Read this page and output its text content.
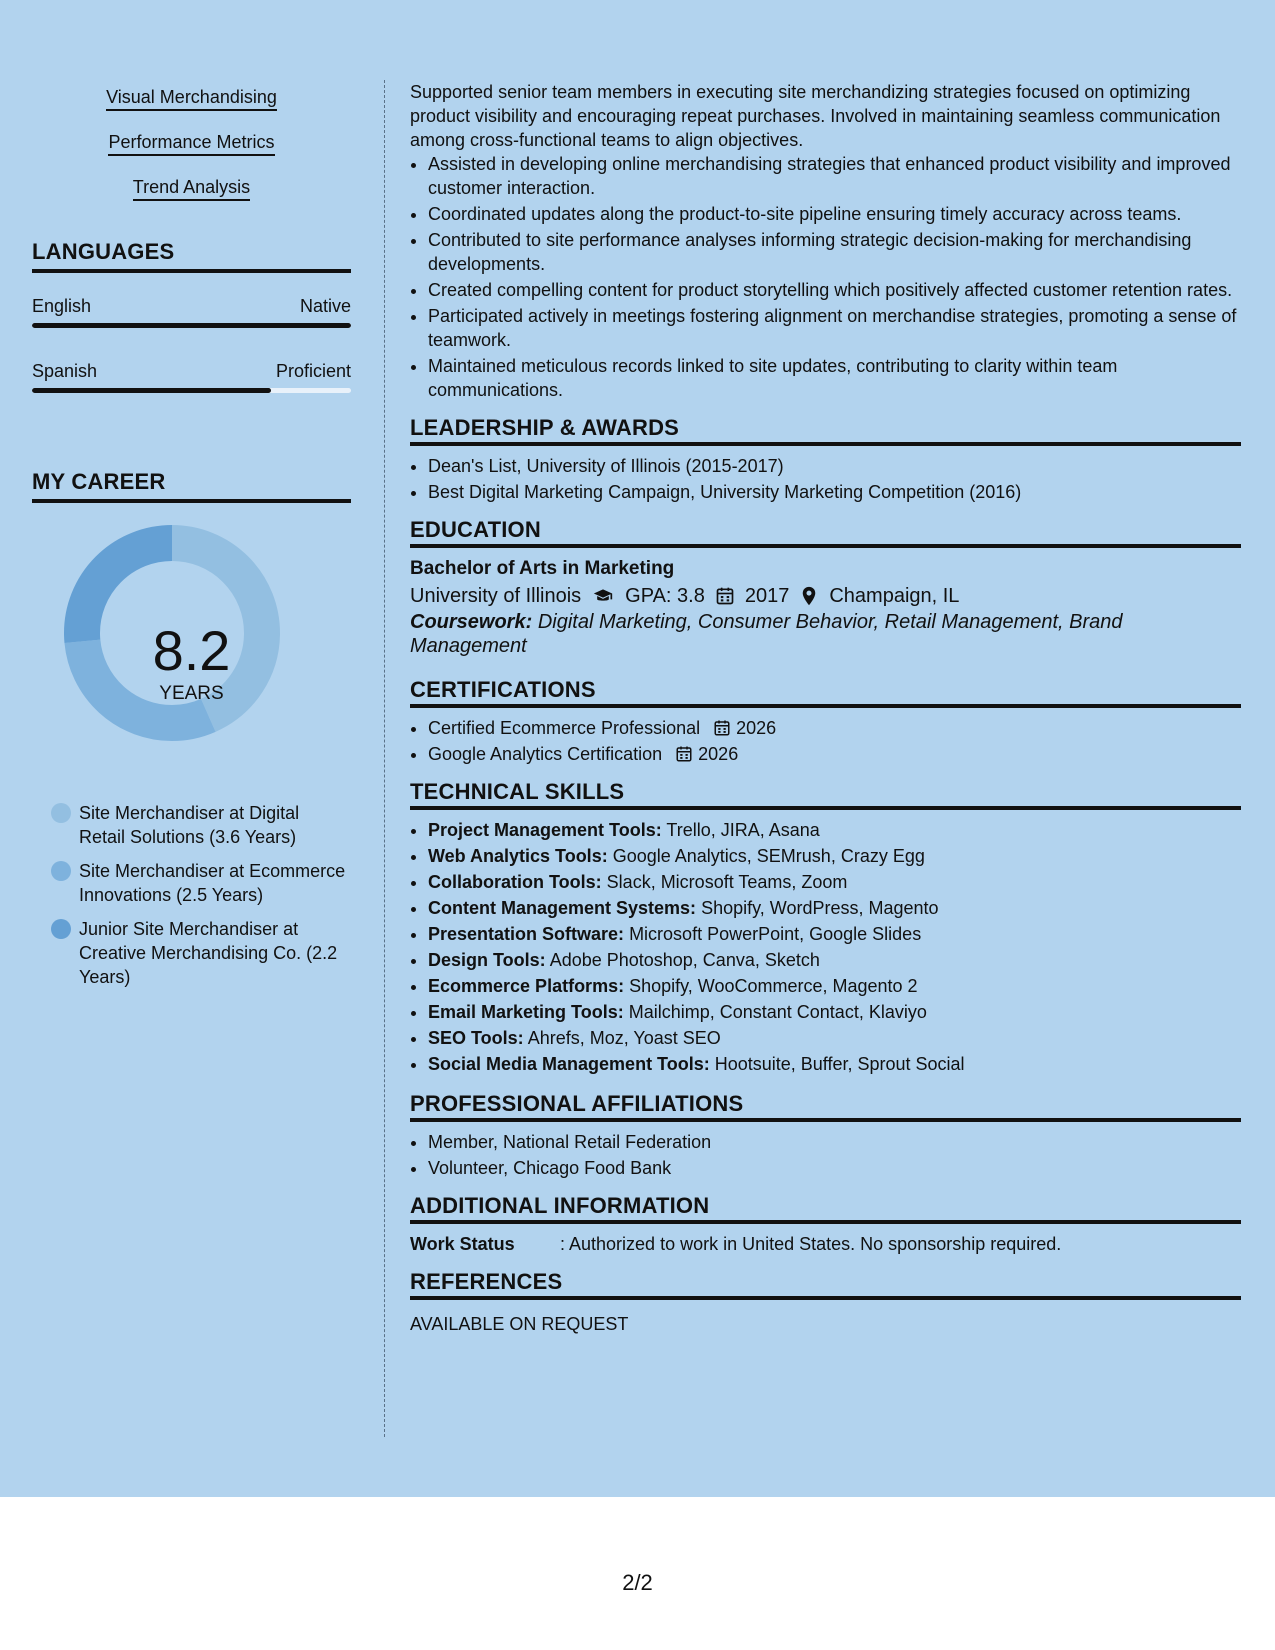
Visual Merchandising
Performance Metrics
Trend Analysis
LANGUAGES
English	Native
Spanish	Proficient
MY CAREER
8.2
YEARS
Site Merchandiser at Digital Retail Solutions (3.6 Years)
Site Merchandiser at Ecommerce Innovations (2.5 Years)
Junior Site Merchandiser at Creative Merchandising Co. (2.2 Years)

Supported senior team members in executing site merchandizing strategies focused on optimizing product visibility and encouraging repeat purchases. Involved in maintaining seamless communication among cross-functional teams to align objectives.

• Assisted in developing online merchandising strategies that enhanced product visibility and improved customer interaction.
• Coordinated updates along the product-to-site pipeline ensuring timely accuracy across teams.
• Contributed to site performance analyses informing strategic decision-making for merchandising developments.
• Created compelling content for product storytelling which positively affected customer retention rates.
• Participated actively in meetings fostering alignment on merchandise strategies, promoting a sense of teamwork.
• Maintained meticulous records linked to site updates, contributing to clarity within team communications.
LEADERSHIP & AWARDS
• Dean's List, University of Illinois (2015-2017)
• Best Digital Marketing Campaign, University Marketing Competition (2016)
EDUCATION
Bachelor of Arts in Marketing
University of Illinois GPA: 3.8 2017 Champaign, IL
Coursework: Digital Marketing, Consumer Behavior, Retail Management, Brand Management
CERTIFICATIONS
• Certified Ecommerce Professional 2026
• Google Analytics Certification 2026
TECHNICAL SKILLS
• Project Management Tools: Trello, JIRA, Asana
• Web Analytics Tools: Google Analytics, SEMrush, Crazy Egg
• Collaboration Tools: Slack, Microsoft Teams, Zoom
• Content Management Systems: Shopify, WordPress, Magento
• Presentation Software: Microsoft PowerPoint, Google Slides
• Design Tools: Adobe Photoshop, Canva, Sketch
• Ecommerce Platforms: Shopify, WooCommerce, Magento 2
• Email Marketing Tools: Mailchimp, Constant Contact, Klaviyo
• SEO Tools: Ahrefs, Moz, Yoast SEO
• Social Media Management Tools: Hootsuite, Buffer, Sprout Social
PROFESSIONAL AFFILIATIONS
• Member, National Retail Federation
• Volunteer, Chicago Food Bank
ADDITIONAL INFORMATION
Work Status	: Authorized to work in United States. No sponsorship required.
REFERENCES
AVAILABLE ON REQUEST
2/2
